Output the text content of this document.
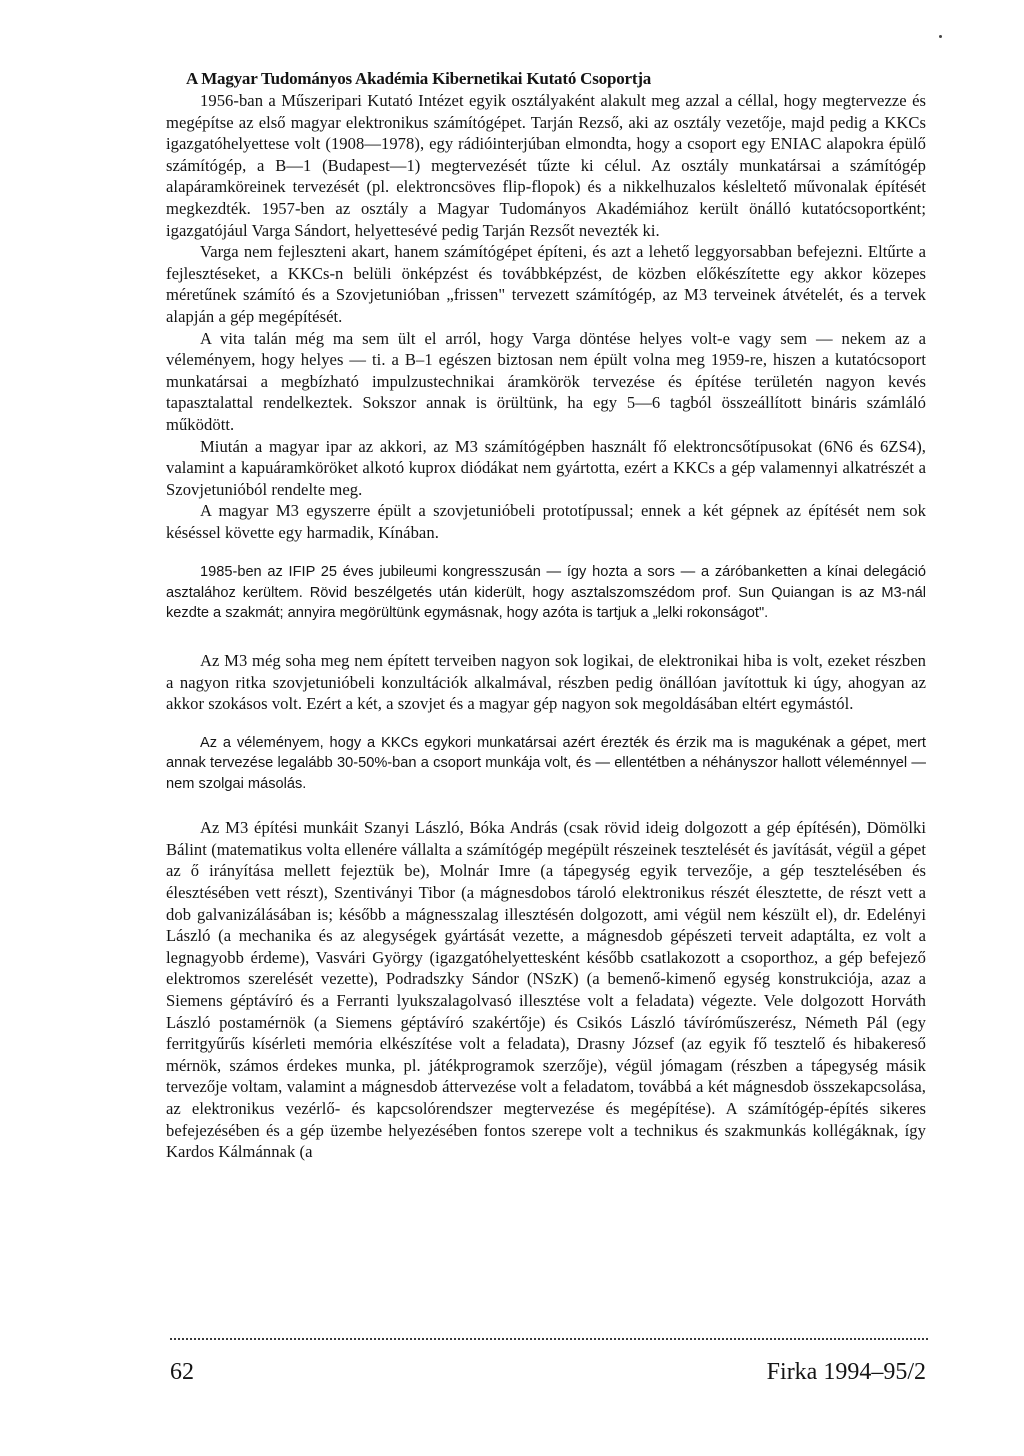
A Magyar Tudományos Akadémia Kibernetikai Kutató Csoportja

1956-ban a Műszeripari Kutató Intézet egyik osztályaként alakult meg azzal a céllal, hogy megtervezze és megépítse az első magyar elektronikus számítógépet. Tarján Rezső, aki az osztály vezetője, majd pedig a KKCs igazgatóhelyettese volt (1908—1978), egy rádióinterjúban elmondta, hogy a csoport egy ENIAC alapokra épülő számítógép, a B—1 (Budapest—1) megtervezését tűzte ki célul. Az osztály munkatársai a számítógép alapáramköreinek tervezését (pl. elektroncsöves flip-flopok) és a nikkelhuzalos késleltető művonalak építését megkezdték. 1957-ben az osztály a Magyar Tudományos Akadémiához került önálló kutatócsoportként; igazgatójául Varga Sándort, helyettesévé pedig Tarján Rezsőt nevezték ki.

Varga nem fejleszteni akart, hanem számítógépet építeni, és azt a lehető leggyorsabban befejezni. Eltűrte a fejlesztéseket, a KKCs-n belüli önképzést és továbbképzést, de közben előkészítette egy akkor közepes méretűnek számító és a Szovjetunióban „frissen" tervezett számítógép, az M3 terveinek átvételét, és a tervek alapján a gép megépítését.

A vita talán még ma sem ült el arról, hogy Varga döntése helyes volt-e vagy sem — nekem az a véleményem, hogy helyes — ti. a B–1 egészen biztosan nem épült volna meg 1959-re, hiszen a kutatócsoport munkatársai a megbízható impulzustechnikai áramkörök tervezése és építése területén nagyon kevés tapasztalattal rendelkeztek. Sokszor annak is örültünk, ha egy 5—6 tagból összeállított bináris számláló működött.

Miután a magyar ipar az akkori, az M3 számítógépben használt fő elektroncsőtípusokat (6N6 és 6ZS4), valamint a kapuáramköröket alkotó kuprox diódákat nem gyártotta, ezért a KKCs a gép valamennyi alkatrészét a Szovjetunióból rendelte meg.

A magyar M3 egyszerre épült a szovjetunióbeli prototípussal; ennek a két gépnek az építését nem sok késéssel követte egy harmadik, Kínában.

1985-ben az IFIP 25 éves jubileumi kongresszusán — így hozta a sors — a záróbanketten a kínai delegáció asztalához kerültem. Rövid beszélgetés után kiderült, hogy asztalszomszédom prof. Sun Quiangan is az M3-nál kezdte a szakmát; annyira megörültünk egymásnak, hogy azóta is tartjuk a „lelki rokonságot".

Az M3 még soha meg nem épített terveiben nagyon sok logikai, de elektronikai hiba is volt, ezeket részben a nagyon ritka szovjetunióbeli konzultációk alkalmával, részben pedig önállóan javítottuk ki úgy, ahogyan az akkor szokásos volt. Ezért a két, a szovjet és a magyar gép nagyon sok megoldásában eltért egymástól.

Az a véleményem, hogy a KKCs egykori munkatársai azért érezték és érzik ma is magukénak a gépet, mert annak tervezése legalább 30-50%-ban a csoport munkája volt, és — ellentétben a néhányszor hallott véleménnyel — nem szolgai másolás.

Az M3 építési munkáit Szanyi László, Bóka András (csak rövid ideig dolgozott a gép építésén), Dömölki Bálint (matematikus volta ellenére vállalta a számítógép megépült részeinek tesztelését és javítását, végül a gépet az ő irányítása mellett fejeztük be), Molnár Imre (a tápegység egyik tervezője, a gép tesztelésében és élesztésében vett részt), Szentiványi Tibor (a mágnesdobos tároló elektronikus részét élesztette, de részt vett a dob galvanizálásában is; később a mágnesszalag illesztésén dolgozott, ami végül nem készült el), dr. Edelényi László (a mechanika és az alegységek gyártását vezette, a mágnesdob gépészeti terveit adaptálta, ez volt a legnagyobb érdeme), Vasvári György (igazgatóhelyettesként később csatlakozott a csoporthoz, a gép befejező elektromos szerelését vezette), Podradszky Sándor (NSzK) (a bemenő-kimenő egység konstrukciója, azaz a Siemens géptávíró és a Ferranti lyukszalagolvasó illesztése volt a feladata) végezte. Vele dolgozott Horváth László postamérnök (a Siemens géptávíró szakértője) és Csikós László távíróműszerész, Németh Pál (egy ferritgyűrűs kísérleti memória elkészítése volt a feladata), Drasny József (az egyik fő tesztelő és hibakereső mérnök, számos érdekes munka, pl. játékprogramok szerzője), végül jómagam (részben a tápegység másik tervezője voltam, valamint a mágnesdob áttervezése volt a feladatom, továbbá a két mágnesdob összekapcsolása, az elektronikus vezérlő- és kapcsolórendszer megtervezése és megépítése). A számítógép-építés sikeres befejezésében és a gép üzembe helyezésében fontos szerepe volt a technikus és szakmunkás kollégáknak, így Kardos Kálmánnak (a

62	Firka 1994–95/2
